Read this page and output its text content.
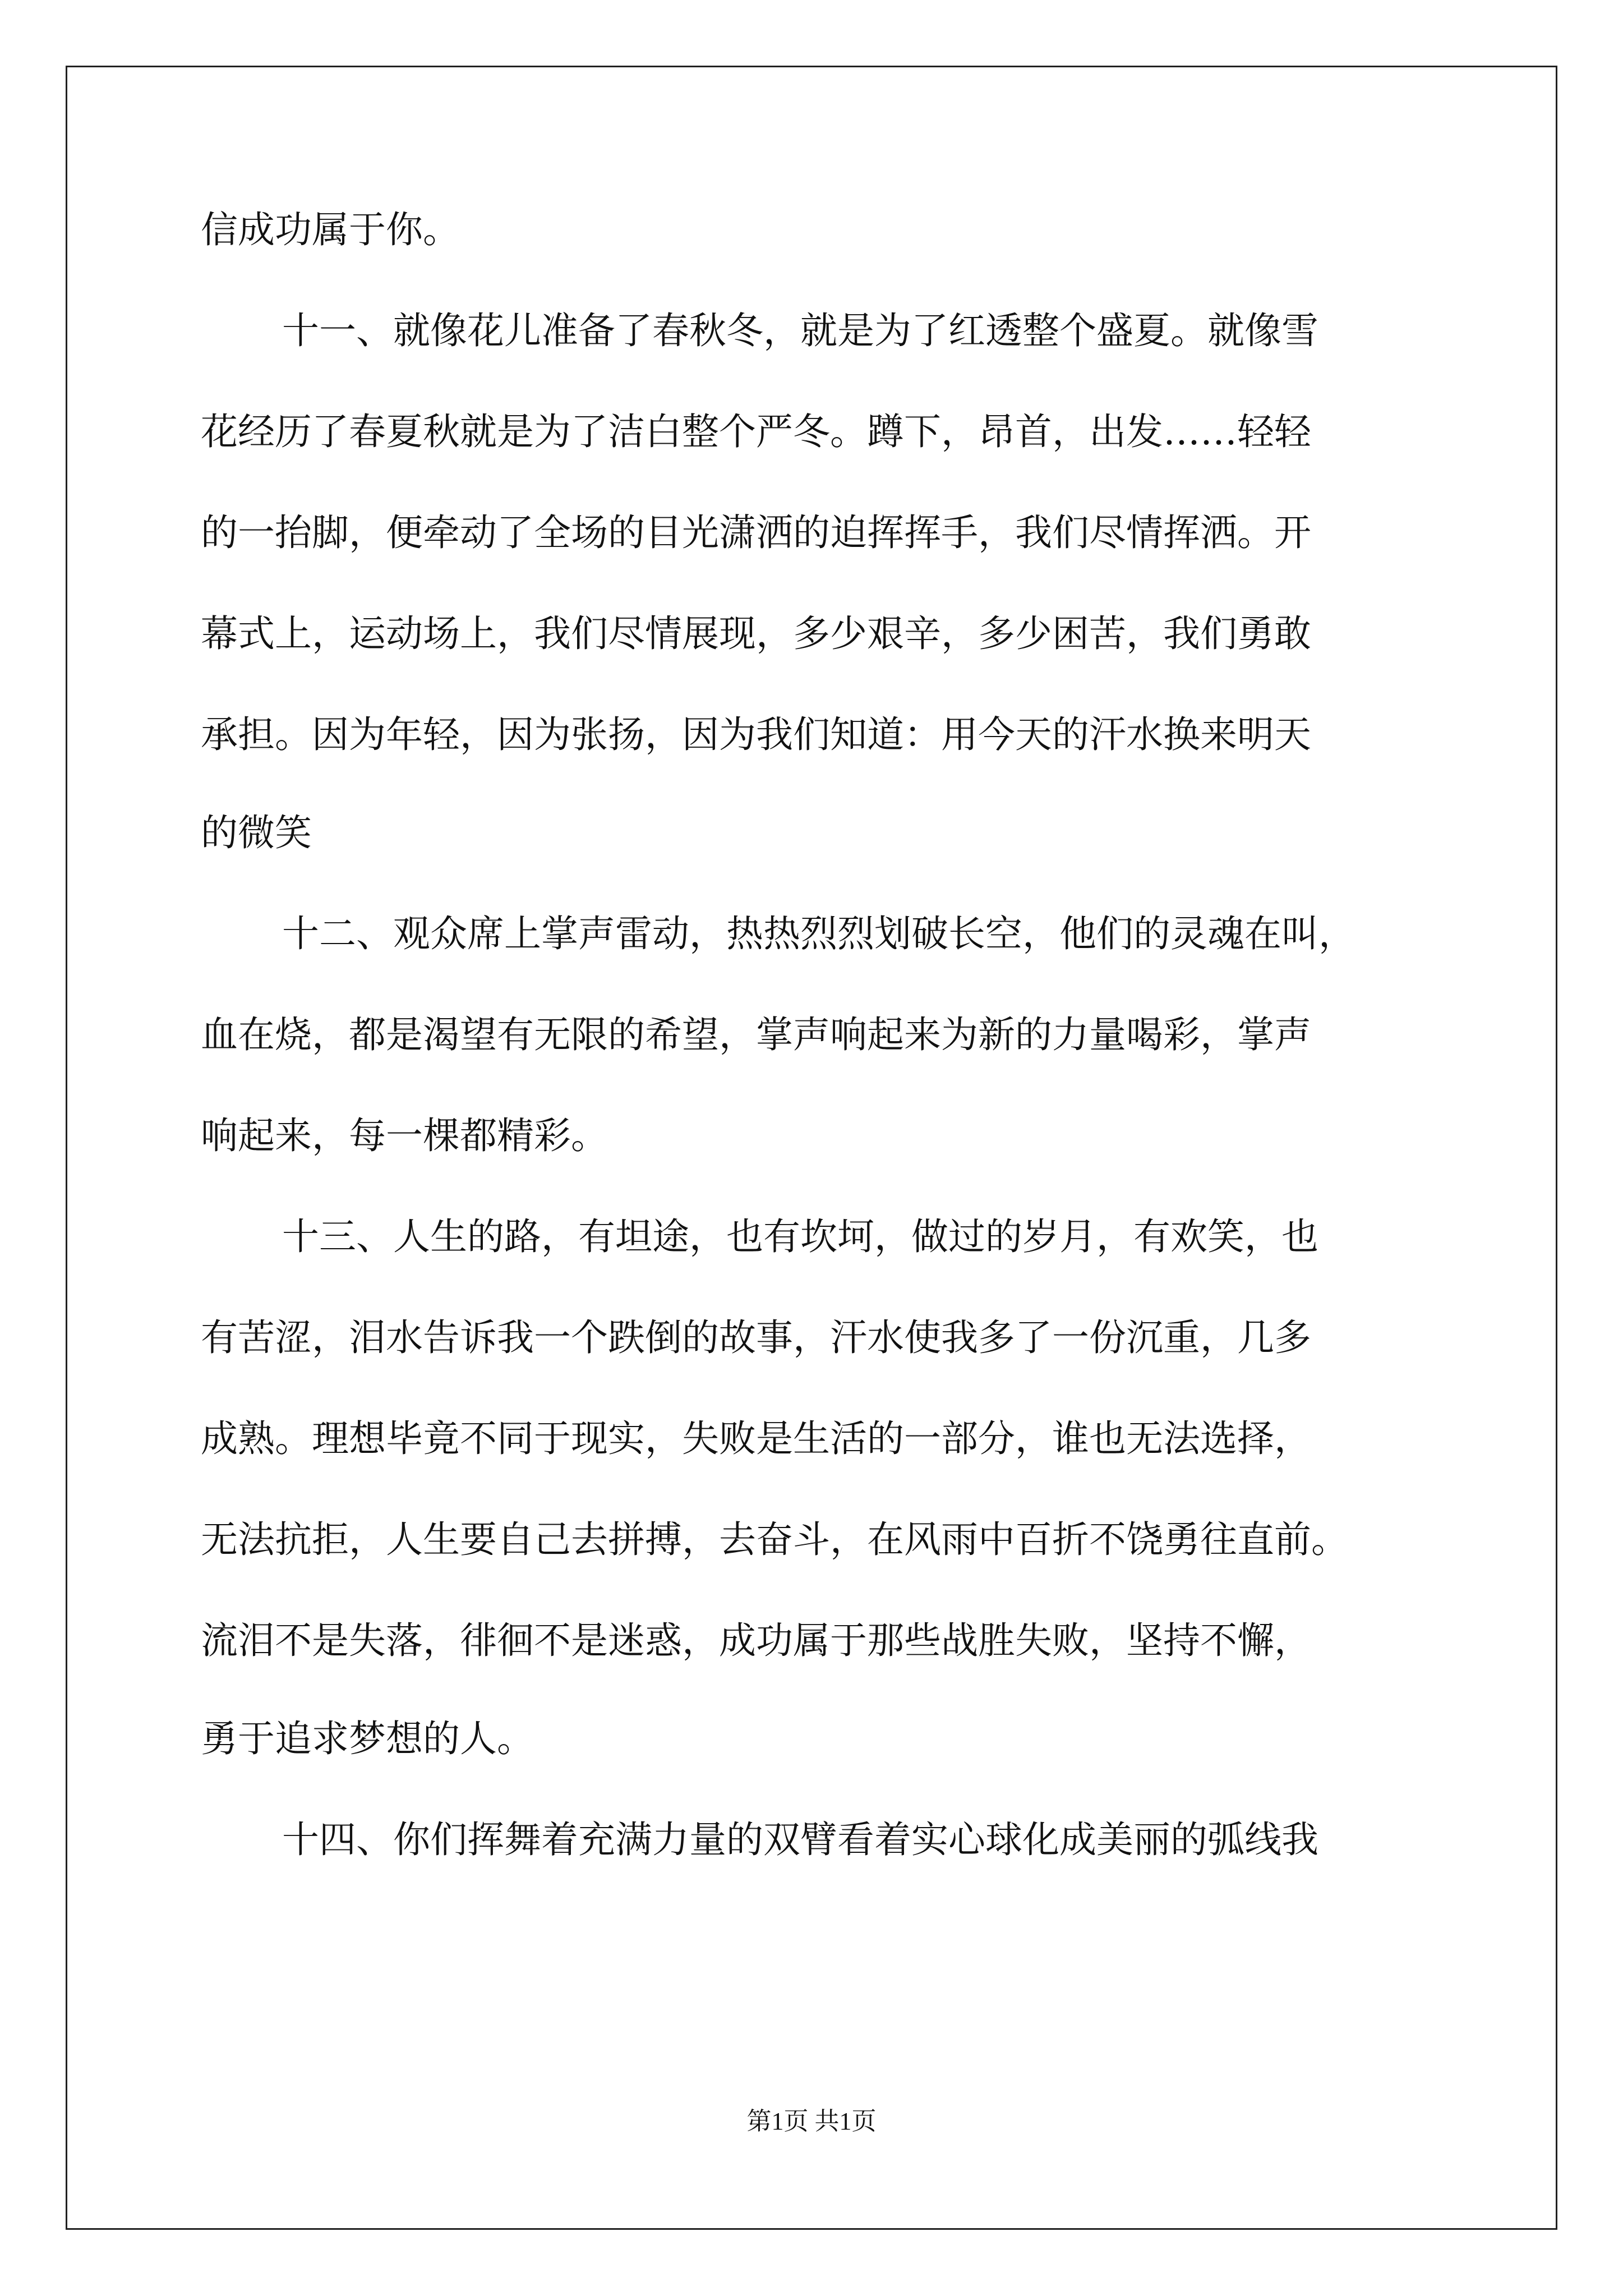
信成功属于你。
十一、就像花儿准备了春秋冬，就是为了红透整个盛夏。就像雪
花经历了春夏秋就是为了洁白整个严冬。蹲下，昂首，出发……轻轻
的一抬脚，便牵动了全场的目光潇洒的迫挥挥手，我们尽情挥洒。开
幕式上，运动场上，我们尽情展现，多少艰辛，多少困苦，我们勇敢
承担。因为年轻，因为张扬，因为我们知道：用今天的汗水换来明天
的微笑
十二、观众席上掌声雷动，热热烈烈划破长空，他们的灵魂在叫，
血在烧，都是渴望有无限的希望，掌声响起来为新的力量喝彩，掌声
响起来，每一棵都精彩。
十三、人生的路，有坦途，也有坎坷，做过的岁月，有欢笑，也
有苦涩，泪水告诉我一个跌倒的故事，汗水使我多了一份沉重，几多
成熟。理想毕竟不同于现实，失败是生活的一部分，谁也无法选择，
无法抗拒，人生要自己去拼搏，去奋斗，在风雨中百折不饶勇往直前。
流泪不是失落，徘徊不是迷惑，成功属于那些战胜失败，坚持不懈，
勇于追求梦想的人。
十四、你们挥舞着充满力量的双臂看着实心球化成美丽的弧线我
第1页 共1页
